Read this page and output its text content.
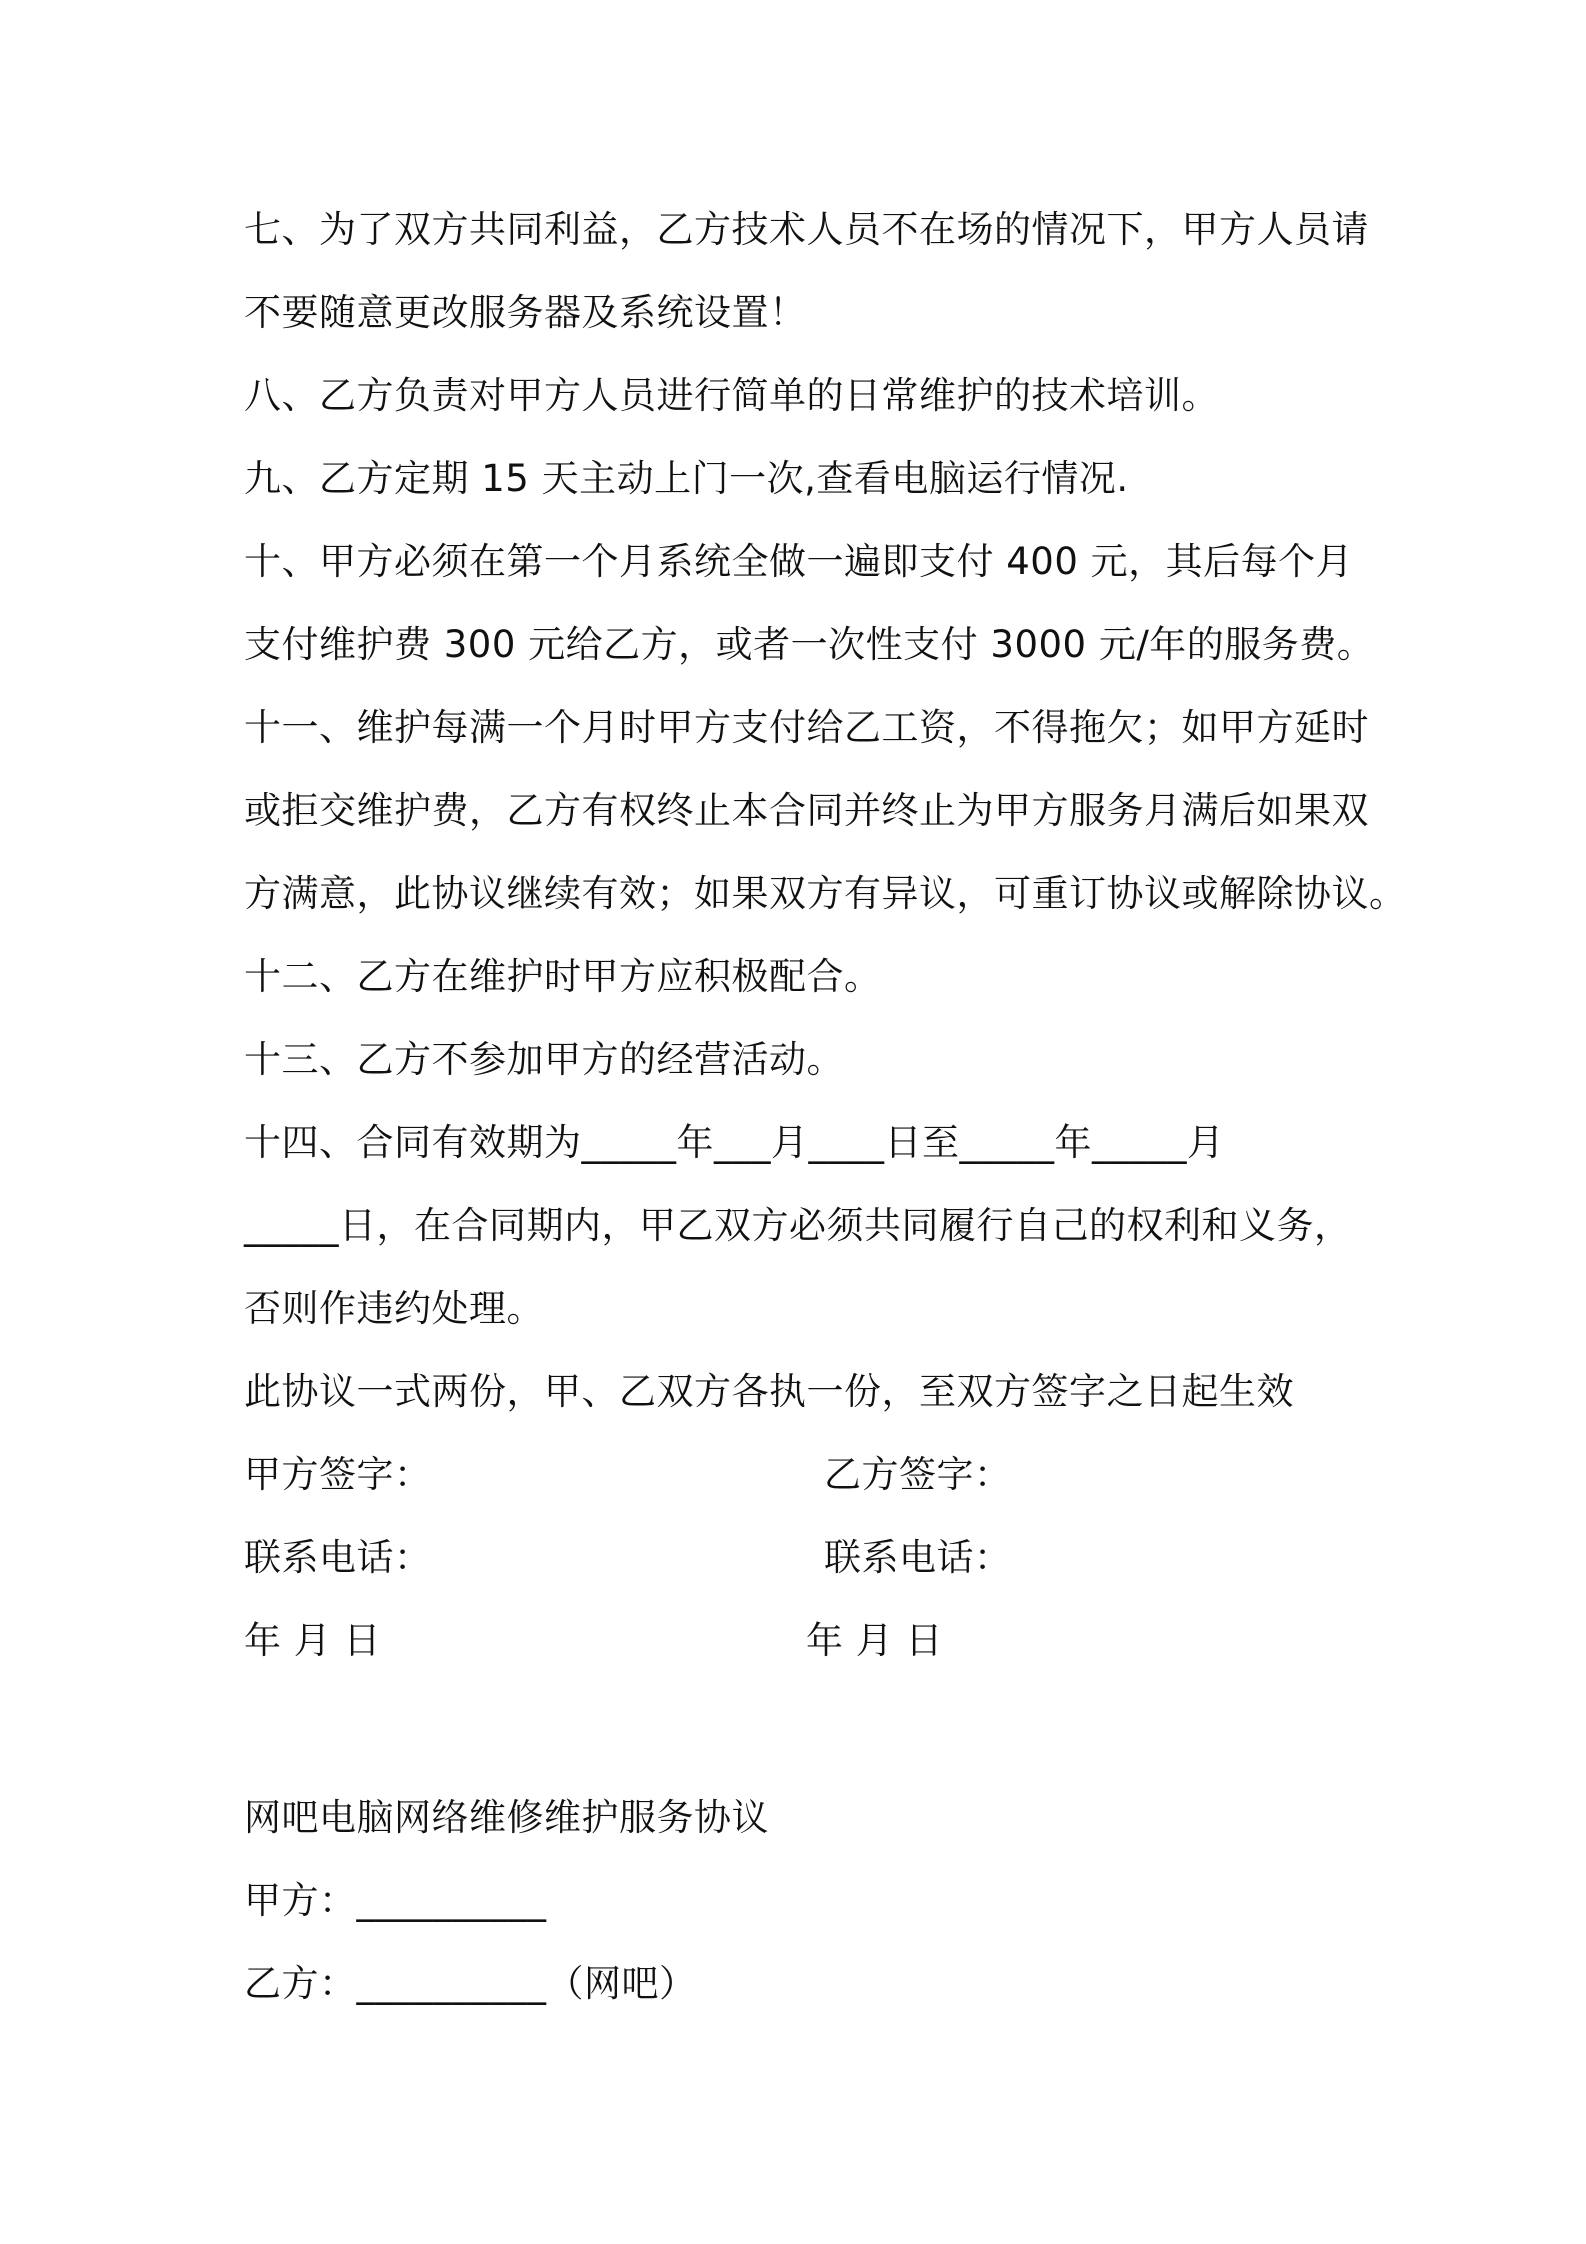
七、为了双方共同利益，乙方技术人员不在场的情况下，甲方人员请
不要随意更改服务器及系统设置！
八、乙方负责对甲方人员进行简单的日常维护的技术培训。
九、乙方定期 15 天主动上门一次,查看电脑运行情况.
十、甲方必须在第一个月系统全做一遍即支付 400 元，其后每个月
支付维护费 300 元给乙方，或者一次性支付 3000 元/年的服务费。
十一、维护每满一个月时甲方支付给乙工资，不得拖欠；如甲方延时
或拒交维护费，乙方有权终止本合同并终止为甲方服务月满后如果双
方满意，此协议继续有效；如果双方有异议，可重订协议或解除协议。
十二、乙方在维护时甲方应积极配合。
十三、乙方不参加甲方的经营活动。
十四、合同有效期为_____年___月____日至_____年_____月
_____日，在合同期内，甲乙双方必须共同履行自己的权利和义务，
否则作违约处理。
此协议一式两份，甲、乙双方各执一份，至双方签字之日起生效
甲方签字：	乙方签字：
联系电话：	联系电话：
年 月 日	年 月 日
网吧电脑网络维修维护服务协议
甲方：__________
乙方：__________（网吧）
